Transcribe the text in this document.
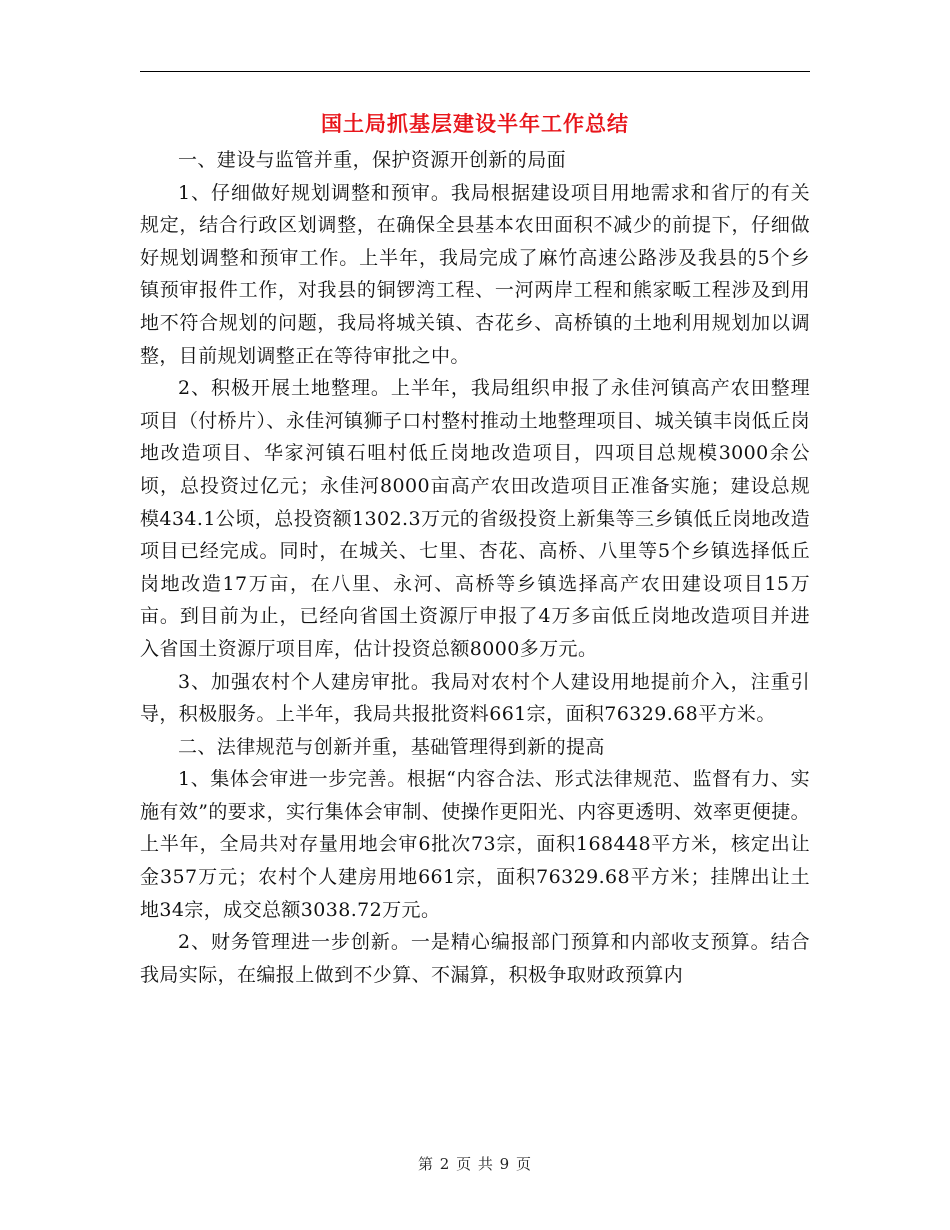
国土局抓基层建设半年工作总结

一、建设与监管并重，保护资源开创新的局面

1、仔细做好规划调整和预审。我局根据建设项目用地需求和省厅的有关规定，结合行政区划调整，在确保全县基本农田面积不减少的前提下，仔细做好规划调整和预审工作。上半年，我局完成了麻竹高速公路涉及我县的5个乡镇预审报件工作，对我县的铜锣湾工程、一河两岸工程和熊家畈工程涉及到用地不符合规划的问题，我局将城关镇、杏花乡、高桥镇的土地利用规划加以调整，目前规划调整正在等待审批之中。

2、积极开展土地整理。上半年，我局组织申报了永佳河镇高产农田整理项目（付桥片）、永佳河镇狮子口村整村推动土地整理项目、城关镇丰岗低丘岗地改造项目、华家河镇石咀村低丘岗地改造项目，四项目总规模3000余公顷，总投资过亿元；永佳河8000亩高产农田改造项目正准备实施；建设总规模434.1公顷，总投资额1302.3万元的省级投资上新集等三乡镇低丘岗地改造项目已经完成。同时，在城关、七里、杏花、高桥、八里等5个乡镇选择低丘岗地改造17万亩，在八里、永河、高桥等乡镇选择高产农田建设项目15万亩。到目前为止，已经向省国土资源厅申报了4万多亩低丘岗地改造项目并进入省国土资源厅项目库，估计投资总额8000多万元。

3、加强农村个人建房审批。我局对农村个人建设用地提前介入，注重引导，积极服务。上半年，我局共报批资料661宗，面积76329.68平方米。

二、法律规范与创新并重，基础管理得到新的提高

1、集体会审进一步完善。根据“内容合法、形式法律规范、监督有力、实施有效”的要求，实行集体会审制、使操作更阳光、内容更透明、效率更便捷。上半年，全局共对存量用地会审6批次73宗，面积168448平方米，核定出让金357万元；农村个人建房用地661宗，面积76329.68平方米；挂牌出让土地34宗，成交总额3038.72万元。

2、财务管理进一步创新。一是精心编报部门预算和内部收支预算。结合我局实际，在编报上做到不少算、不漏算，积极争取财政预算内

第 2 页 共 9 页
